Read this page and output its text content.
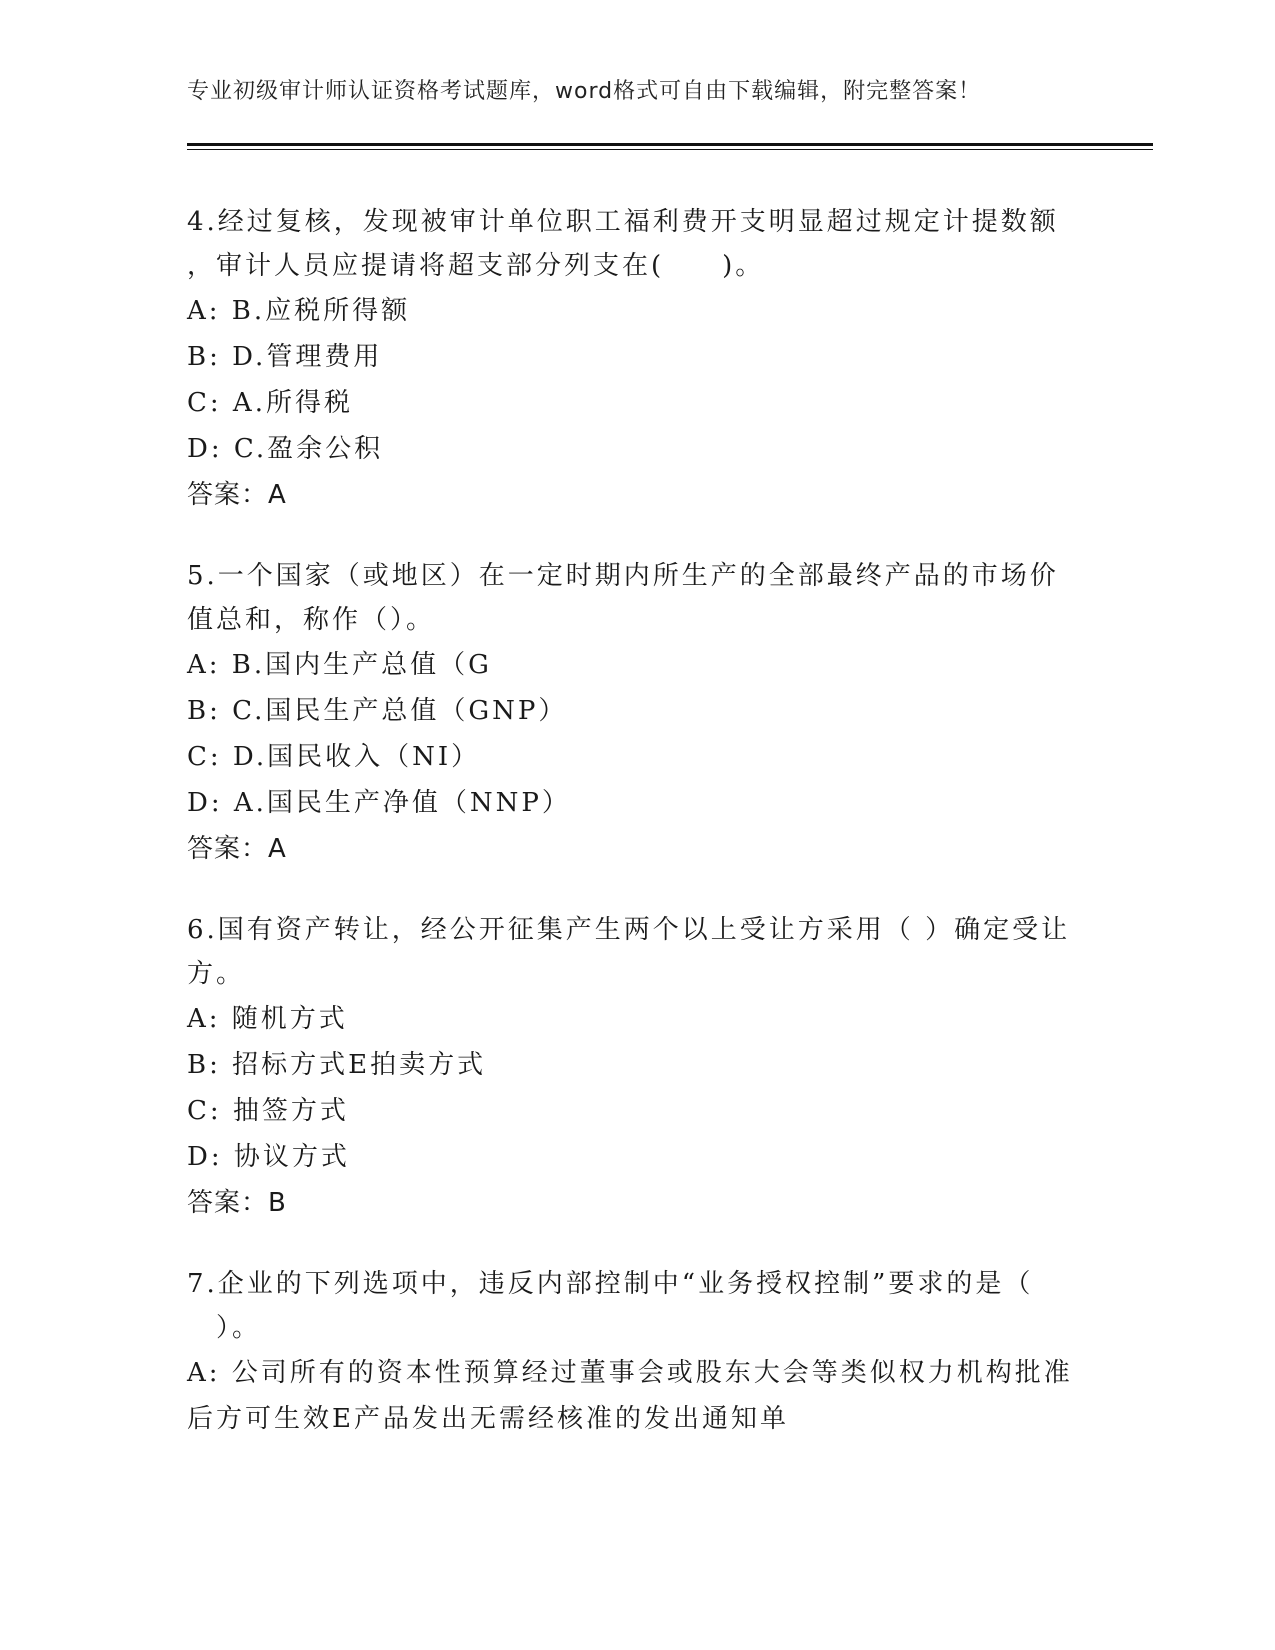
专业初级审计师认证资格考试题库，word格式可自由下载编辑，附完整答案！

4.经过复核，发现被审计单位职工福利费开支明显超过规定计提数额

，审计人员应提请将超支部分列支在(　　)。

A: B.应税所得额

B: D.管理费用

C: A.所得税

D: C.盈余公积

答案：A

5.一个国家（或地区）在一定时期内所生产的全部最终产品的市场价

值总和，称作（）。

A: B.国内生产总值（G

B: C.国民生产总值（GNP）

C: D.国民收入（NI）

D: A.国民生产净值（NNP）

答案：A

6.国有资产转让，经公开征集产生两个以上受让方采用（ ）确定受让

方。

A: 随机方式

B: 招标方式E拍卖方式

C: 抽签方式

D: 协议方式

答案：B

7.企业的下列选项中，违反内部控制中“业务授权控制”要求的是（

　）。

A: 公司所有的资本性预算经过董事会或股东大会等类似权力机构批准

后方可生效E产品发出无需经核准的发出通知单
